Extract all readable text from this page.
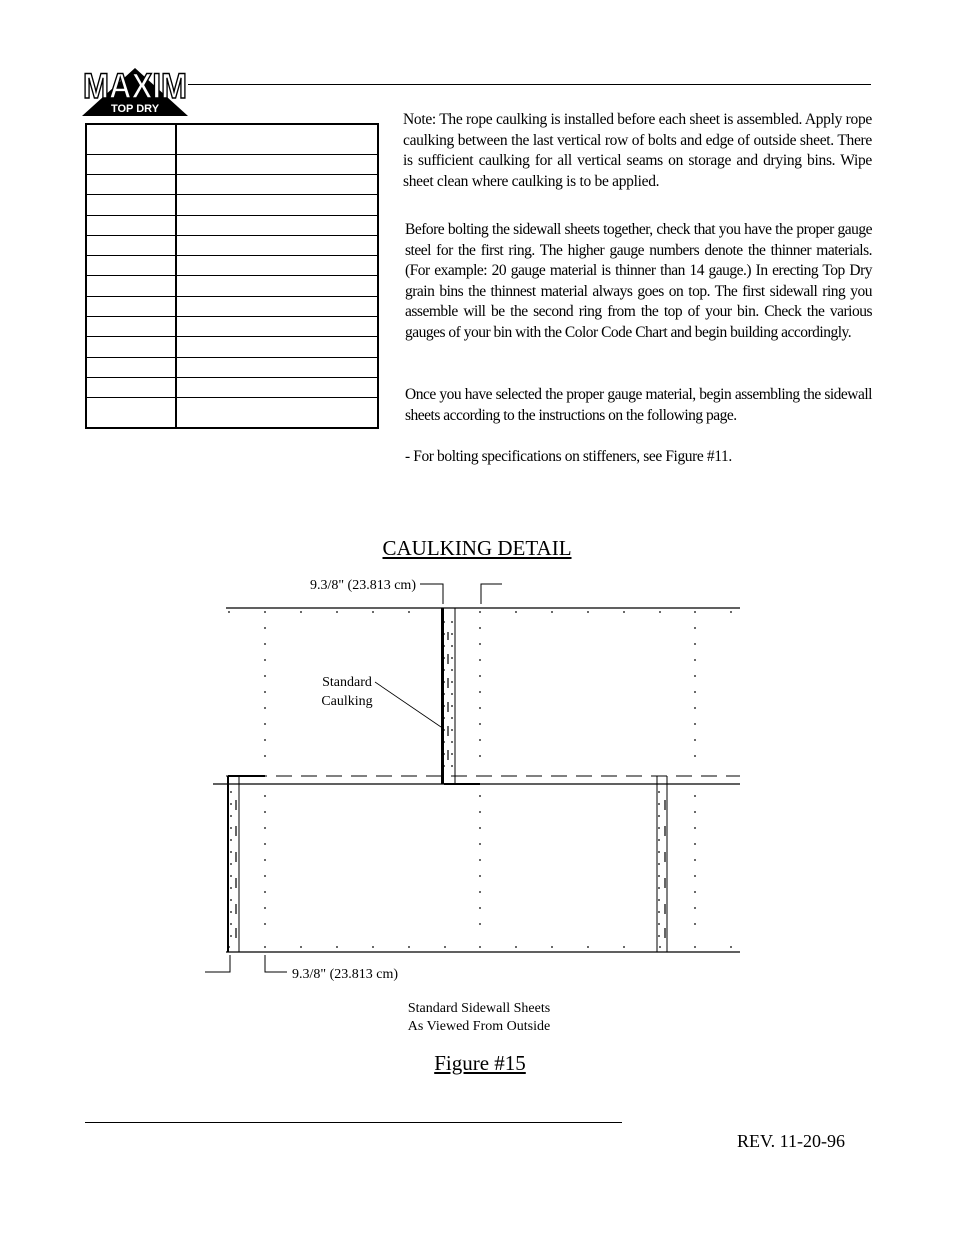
MAXIM
TOP DRY

Note: The rope caulking is installed before each sheet is assembled. Apply rope caulking between the last vertical row of bolts and edge of outside sheet. There is sufficient caulking for all vertical seams on storage and drying bins. Wipe sheet clean where caulking is to be applied.
Before bolting the sidewall sheets together, check that you have the proper gauge steel for the first ring. The higher gauge numbers denote the thinner materials. (For example: 20 gauge material is thinner than 14 gauge.) In erecting Top Dry grain bins the thinnest material always goes on top. The first sidewall ring you assemble will be the second ring from the top of your bin. Check the various gauges of your bin with the Color Code Chart and begin building accordingly.
Once you have selected the proper gauge material, begin assembling the sidewall sheets according to the instructions on the following page.
- For bolting specifications on stiffeners, see Figure #11.
CAULKING DETAIL
9.3/8" (23.813 cm)
9.3/8" (23.813 cm)
Standard
Caulking
Standard Sidewall Sheets
As Viewed From Outside
Figure #15
REV. 11-20-96
